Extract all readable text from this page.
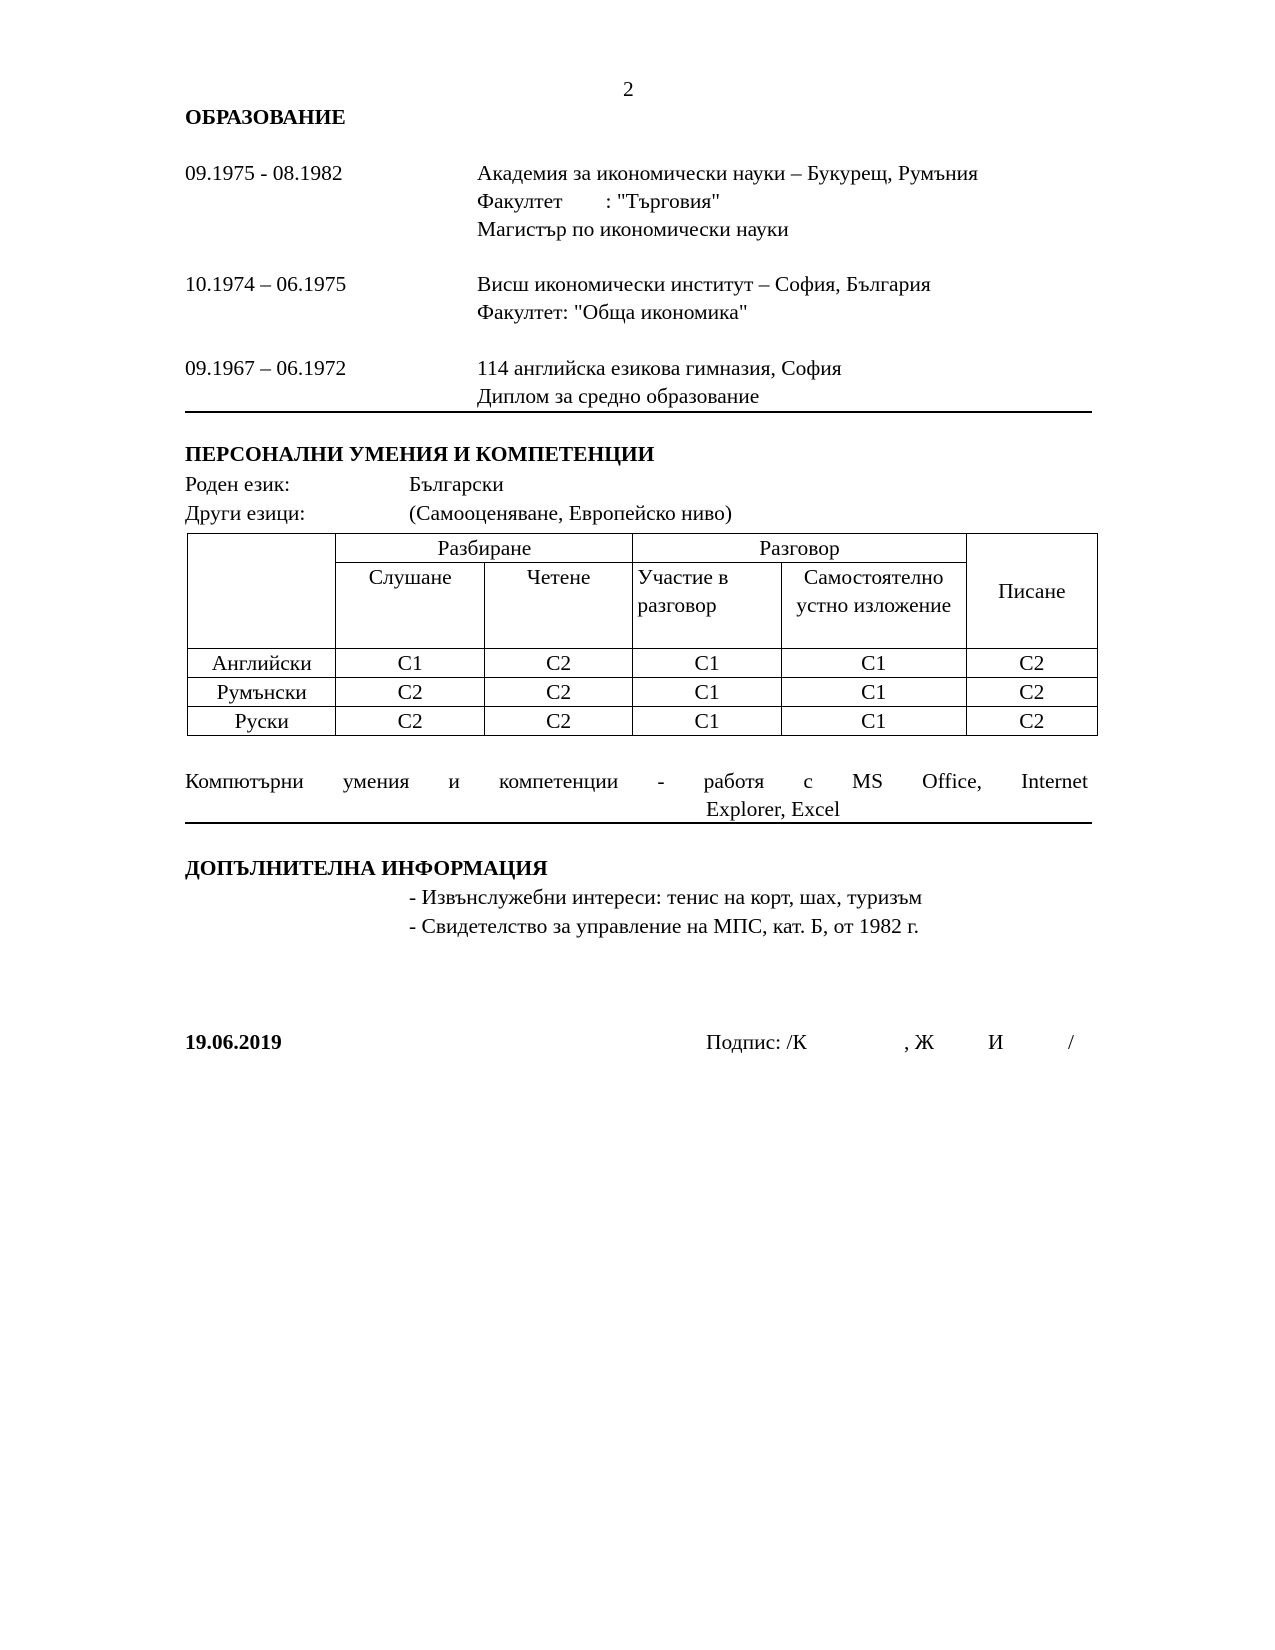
2
ОБРАЗОВАНИЕ
09.1975 - 08.1982	Академия за икономически науки – Букурещ, Румъния
Факултет        : "Търговия"
Магистър по икономически науки
10.1974 – 06.1975	Висш икономически институт – София, България
Факултет: "Обща икономика"
09.1967 – 06.1972	114 английска езикова гимназия, София
Диплом за средно образование
ПЕРСОНАЛНИ УМЕНИЯ И КОМПЕТЕНЦИИ
Роден език:	Български
Други езици:	(Самооценяване, Европейско ниво)
	Разбиране		Разговор		Писане
	Слушане	Четене	Участие в разговор	Самостоятелно устно изложение	
Английски	C1	C2	C1	C1	C2
Румънски	C2	C2	C1	C1	C2
Руски	C2	C2	C1	C1	C2
Компютърни умения и компетенции - работя с MS Office, Internet
Explorer, Excel
ДОПЪЛНИТЕЛНА ИНФОРМАЦИЯ
- Извънслужебни интереси: тенис на корт, шах, туризъм
- Свидетелство за управление на МПС, кат. Б, от 1982 г.
19.06.2019	Подпис: /К	, Ж	И	/
